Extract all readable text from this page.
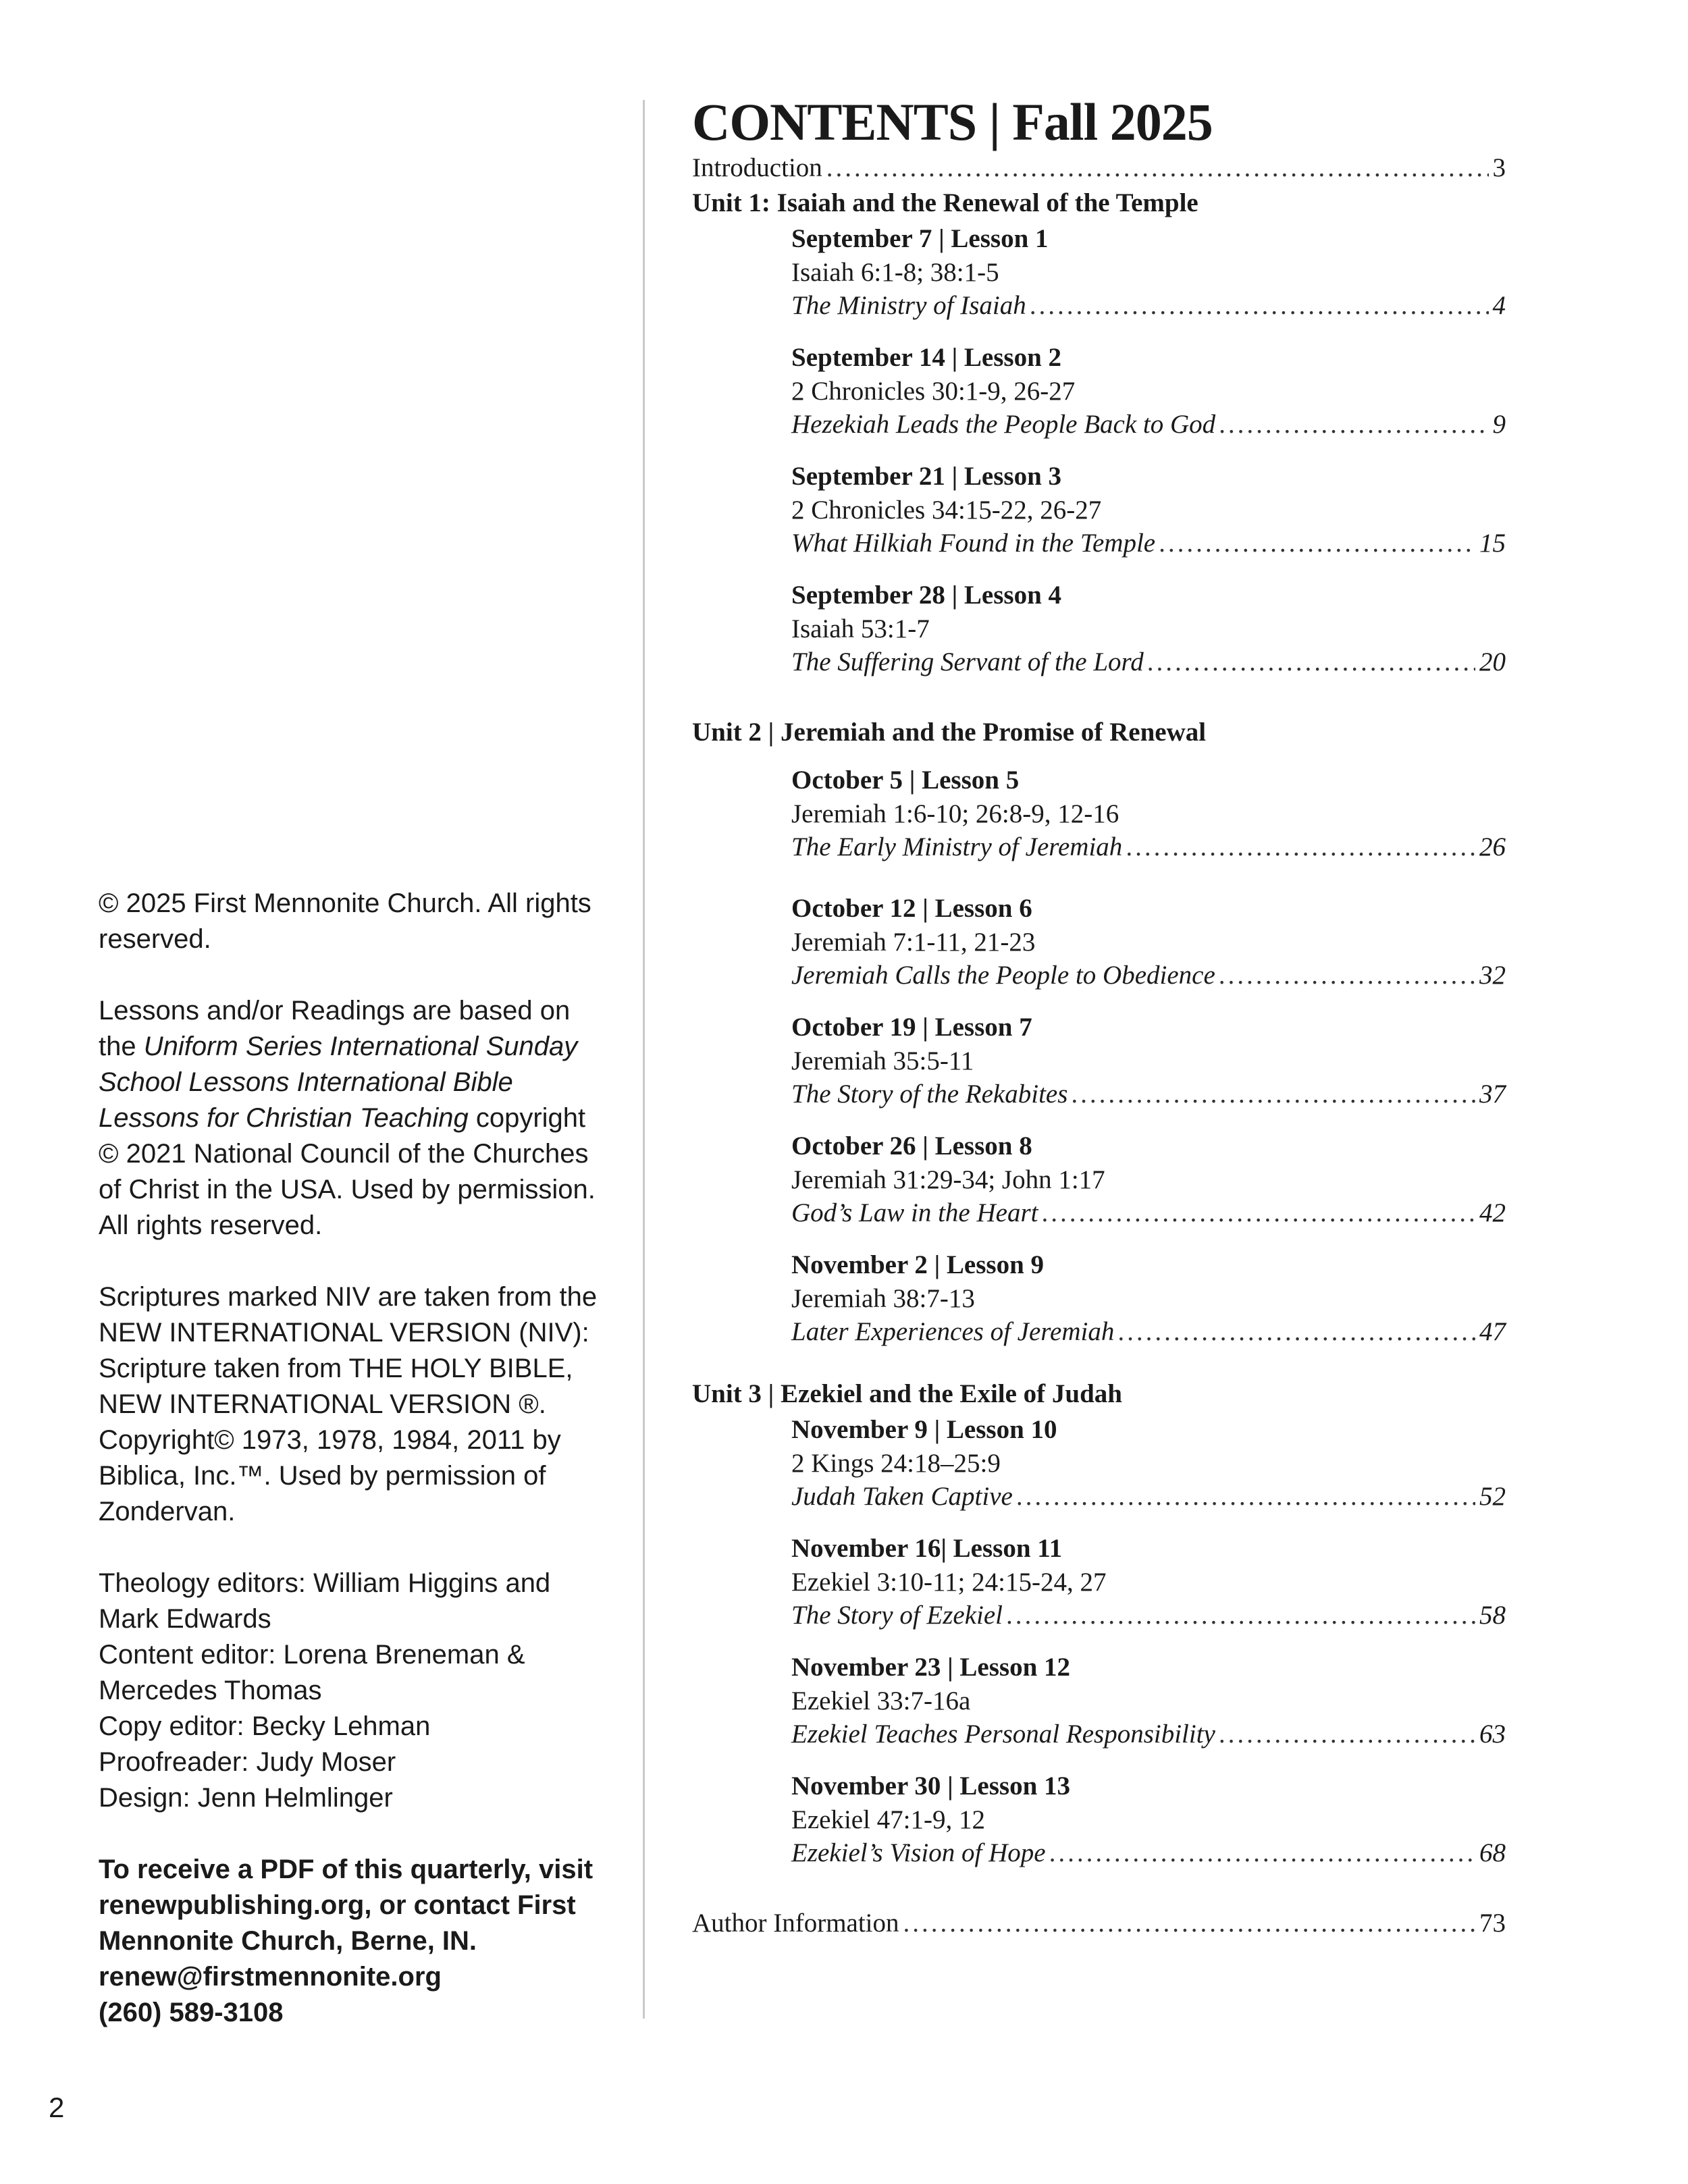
© 2025 First Mennonite Church. All rights reserved.

Lessons and/or Readings are based on the Uniform Series International Sunday School Lessons International Bible Lessons for Christian Teaching copyright © 2021 National Council of the Churches of Christ in the USA. Used by permission. All rights reserved.

Scriptures marked NIV are taken from the NEW INTERNATIONAL VERSION (NIV): Scripture taken from THE HOLY BIBLE, NEW INTERNATIONAL VERSION ®. Copyright© 1973, 1978, 1984, 2011 by Biblica, Inc.™. Used by permission of Zondervan.

Theology editors: William Higgins and Mark Edwards
Content editor: Lorena Breneman & Mercedes Thomas
Copy editor: Becky Lehman
Proofreader: Judy Moser
Design: Jenn Helmlinger

To receive a PDF of this quarterly, visit renewpublishing.org, or contact First Mennonite Church, Berne, IN.
renew@firstmennonite.org
(260) 589-3108

CONTENTS | Fall 2025
Introduction .....	3
Unit 1: Isaiah and the Renewal of the Temple
September 7 | Lesson 1
Isaiah 6:1-8; 38:1-5
The Ministry of Isaiah .....	4
September 14 | Lesson 2
2 Chronicles 30:1-9, 26-27
Hezekiah Leads the People Back to God .....	9
September 21 | Lesson 3
2 Chronicles 34:15-22, 26-27
What Hilkiah Found in the Temple .....	15
September 28 | Lesson 4
Isaiah 53:1-7
The Suffering Servant of the Lord .....	20
Unit 2 | Jeremiah and the Promise of Renewal
October 5 | Lesson 5
Jeremiah 1:6-10; 26:8-9, 12-16
The Early Ministry of Jeremiah .....	26
October 12 | Lesson 6
Jeremiah 7:1-11, 21-23
Jeremiah Calls the People to Obedience .....	32
October 19 | Lesson 7
Jeremiah 35:5-11
The Story of the Rekabites .....	37
October 26 | Lesson 8
Jeremiah 31:29-34; John 1:17
God’s Law in the Heart .....	42
November 2 | Lesson 9
Jeremiah 38:7-13
Later Experiences of Jeremiah .....	47
Unit 3 | Ezekiel and the Exile of Judah
November 9 | Lesson 10
2 Kings 24:18–25:9
Judah Taken Captive .....	52
November 16| Lesson 11
Ezekiel 3:10-11; 24:15-24, 27
The Story of Ezekiel .....	58
November 23 | Lesson 12
Ezekiel 33:7-16a
Ezekiel Teaches Personal Responsibility .....	63
November 30 | Lesson 13
Ezekiel 47:1-9, 12
Ezekiel’s Vision of Hope .....	68
Author Information .....	73
2
